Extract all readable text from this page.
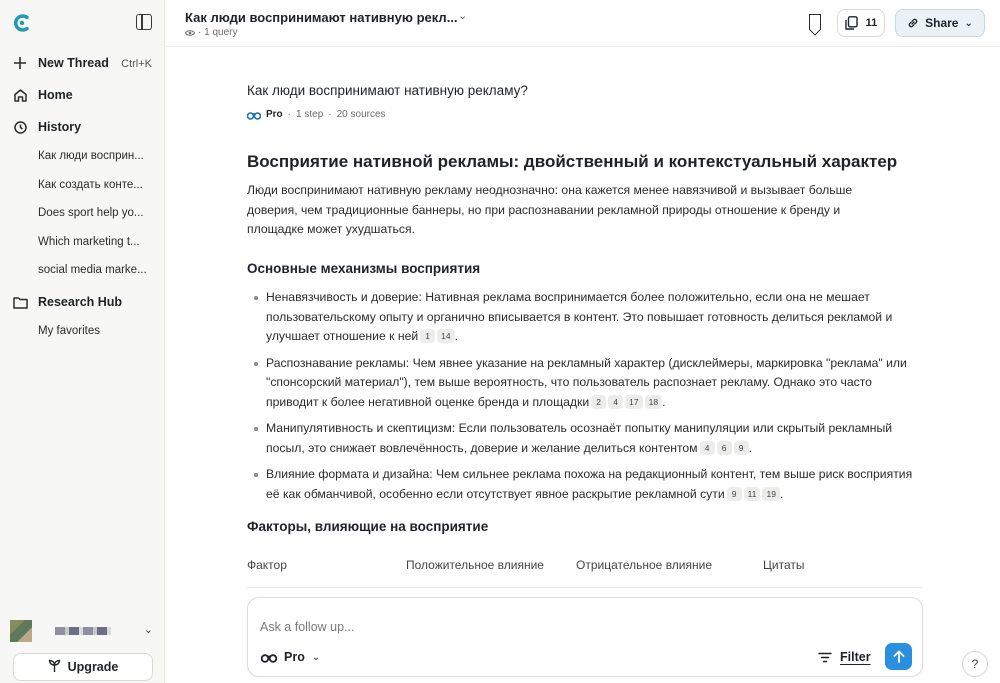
New Thread Ctrl+K
Home
History
Как люди восприн...
Как создать конте...
Does sport help yo...
Which marketing t...
social media marke...
Research Hub
My favorites
⌄
Upgrade
Как люди воспринимают нативную рекл... ⌄
· 1 query
11	Share ⌄
Как люди воспринимают нативную рекламу?
Pro · 1 step · 20 sources
Восприятие нативной рекламы: двойственный и контекстуальный характер

Люди воспринимают нативную рекламу неоднозначно: она кажется менее навязчивой и вызывает больше доверия, чем традиционные баннеры, но при распознавании рекламной природы отношение к бренду и площадке может ухудшаться.

Основные механизмы восприятия
Ненавязчивость и доверие: Нативная реклама воспринимается более положительно, если она не мешает пользовательскому опыту и органично вписывается в контент. Это повышает готовность делиться рекламой и улучшает отношение к ней 1 14 .
Распознавание рекламы: Чем явнее указание на рекламный характер (дисклеймеры, маркировка "реклама" или "спонсорский материал"), тем выше вероятность, что пользователь распознает рекламу. Однако это часто приводит к более негативной оценке бренда и площадки 2 4 17 18 .
Манипулятивность и скептицизм: Если пользователь осознаёт попытку манипуляции или скрытый рекламный посыл, это снижает вовлечённость, доверие и желание делиться контентом 4 6 9 .
Влияние формата и дизайна: Чем сильнее реклама похожа на редакционный контент, тем выше риск восприятия её как обманчивой, особенно если отсутствует явное раскрытие рекламной сути 9 11 19 .
Факторы, влияющие на восприятие
Фактор	Положительное влияние	Отрицательное влияние	Цитаты
Ask a follow up...
Pro ⌄	Filter	?
